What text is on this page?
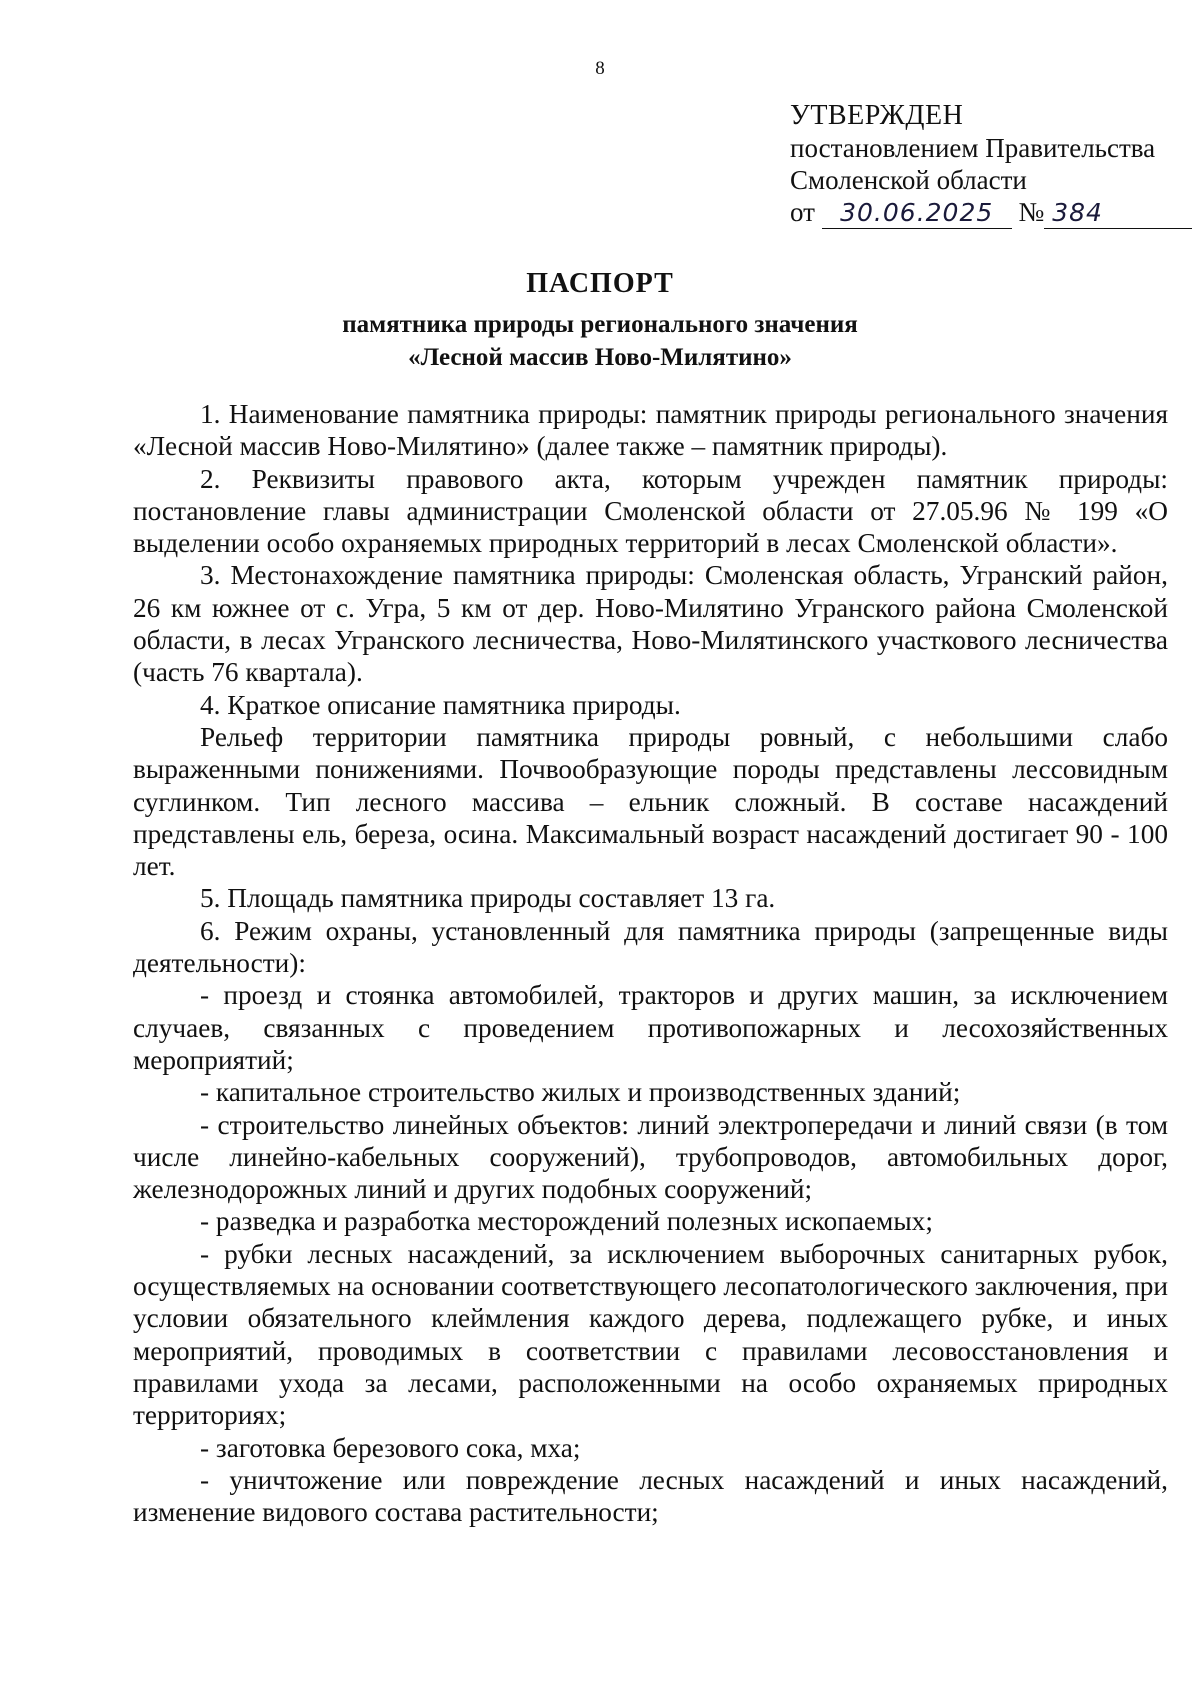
8
УТВЕРЖДЕН
постановлением Правительства
Смоленской области
от 30.06.2025 № 384
ПАСПОРТ
памятника природы регионального значения
«Лесной массив Ново-Милятино»

1. Наименование памятника природы: памятник природы регионального значения «Лесной массив Ново-Милятино» (далее также – памятник природы).

2. Реквизиты правового акта, которым учрежден памятник природы: постановление главы администрации Смоленской области от 27.05.96 № 199 «О выделении особо охраняемых природных территорий в лесах Смоленской области».

3. Местонахождение памятника природы: Смоленская область, Угранский район, 26 км южнее от с. Угра, 5 км от дер. Ново-Милятино Угранского района Смоленской области, в лесах Угранского лесничества, Ново-Милятинского участкового лесничества (часть 76 квартала).

4. Краткое описание памятника природы.

Рельеф территории памятника природы ровный, с небольшими слабо выраженными понижениями. Почвообразующие породы представлены лессовидным суглинком. Тип лесного массива – ельник сложный. В составе насаждений представлены ель, береза, осина. Максимальный возраст насаждений достигает 90 - 100 лет.

5. Площадь памятника природы составляет 13 га.

6. Режим охраны, установленный для памятника природы (запрещенные виды деятельности):

- проезд и стоянка автомобилей, тракторов и других машин, за исключением случаев, связанных с проведением противопожарных и лесохозяйственных мероприятий;

- капитальное строительство жилых и производственных зданий;

- строительство линейных объектов: линий электропередачи и линий связи (в том числе линейно-кабельных сооружений), трубопроводов, автомобильных дорог, железнодорожных линий и других подобных сооружений;

- разведка и разработка месторождений полезных ископаемых;

- рубки лесных насаждений, за исключением выборочных санитарных рубок, осуществляемых на основании соответствующего лесопатологического заключения, при условии обязательного клеймления каждого дерева, подлежащего рубке, и иных мероприятий, проводимых в соответствии с правилами лесовосстановления и правилами ухода за лесами, расположенными на особо охраняемых природных территориях;

- заготовка березового сока, мха;

- уничтожение или повреждение лесных насаждений и иных насаждений, изменение видового состава растительности;
